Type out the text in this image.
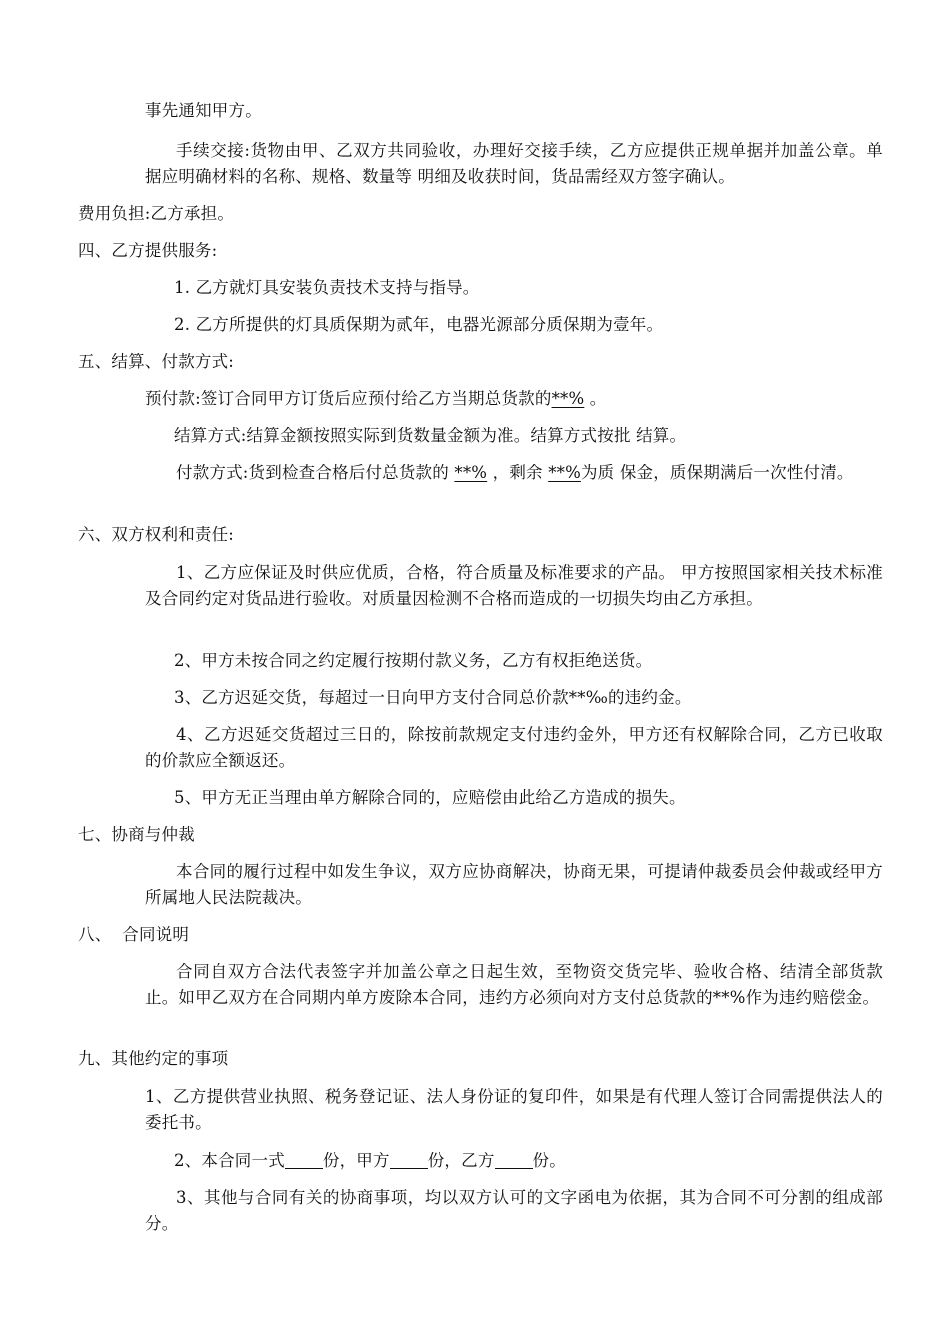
事先通知甲方。
手续交接:货物由甲、乙双方共同验收，办理好交接手续，乙方应提供正规单据并加盖公章。单据应明确材料的名称、规格、数量等 明细及收获时间，货品需经双方签字确认。
费用负担:乙方承担。
四、乙方提供服务:
1. 乙方就灯具安装负责技术支持与指导。
2. 乙方所提供的灯具质保期为贰年，电器光源部分质保期为壹年。
五、结算、付款方式:
预付款:签订合同甲方订货后应预付给乙方当期总货款的**% 。
结算方式:结算金额按照实际到货数量金额为准。结算方式按批 结算。
付款方式:货到检查合格后付总货款的 **% ，剩余 **%为质 保金，质保期满后一次性付清。
六、双方权利和责任:
1、乙方应保证及时供应优质，合格，符合质量及标准要求的产品。 甲方按照国家相关技术标准及合同约定对货品进行验收。对质量因检测不合格而造成的一切损失均由乙方承担。
2、甲方未按合同之约定履行按期付款义务，乙方有权拒绝送货。
3、乙方迟延交货，每超过一日向甲方支付合同总价款**‰的违约金。
4、乙方迟延交货超过三日的，除按前款规定支付违约金外，甲方还有权解除合同，乙方已收取的价款应全额返还。
5、甲方无正当理由单方解除合同的，应赔偿由此给乙方造成的损失。
七、协商与仲裁
本合同的履行过程中如发生争议，双方应协商解决，协商无果，可提请仲裁委员会仲裁或经甲方所属地人民法院裁决。
八、  合同说明
合同自双方合法代表签字并加盖公章之日起生效，至物资交货完毕、验收合格、结清全部货款止。如甲乙双方在合同期内单方废除本合同，违约方必须向对方支付总货款的**%作为违约赔偿金。
九、其他约定的事项
1、乙方提供营业执照、税务登记证、法人身份证的复印件，如果是有代理人签订合同需提供法人的委托书。
2、本合同一式 份，甲方 份，乙方 份。
3、其他与合同有关的协商事项，均以双方认可的文字函电为依据，其为合同不可分割的组成部分。
